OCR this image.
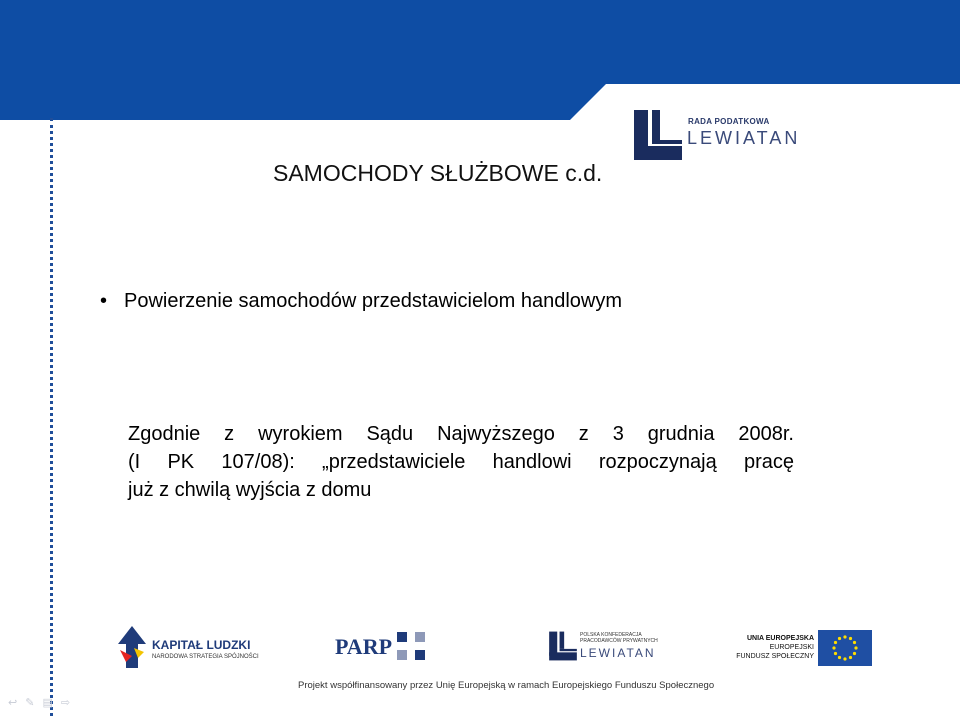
RADA PODATKOWA
LEWIATAN
SAMOCHODY SŁUŻBOWE c.d.
• Powierzenie samochodów przedstawicielom handlowym
Zgodnie z wyrokiem Sądu Najwyższego z 3 grudnia 2008r.
(I PK 107/08): „przedstawiciele handlowi rozpoczynają pracę
już z chwilą wyjścia z domu
KAPITAŁ LUDZKI
NARODOWA STRATEGIA SPÓJNOŚCI	PARP	POLSKA KONFEDERACJA
PRACODAWCÓW PRYWATNYCH
LEWIATAN
UNIA EUROPEJSKA
EUROPEJSKI
FUNDUSZ SPOŁECZNY
Projekt współfinansowany przez Unię Europejską w ramach Europejskiego Funduszu Społecznego
↩ ✎ ▤ ⇨
